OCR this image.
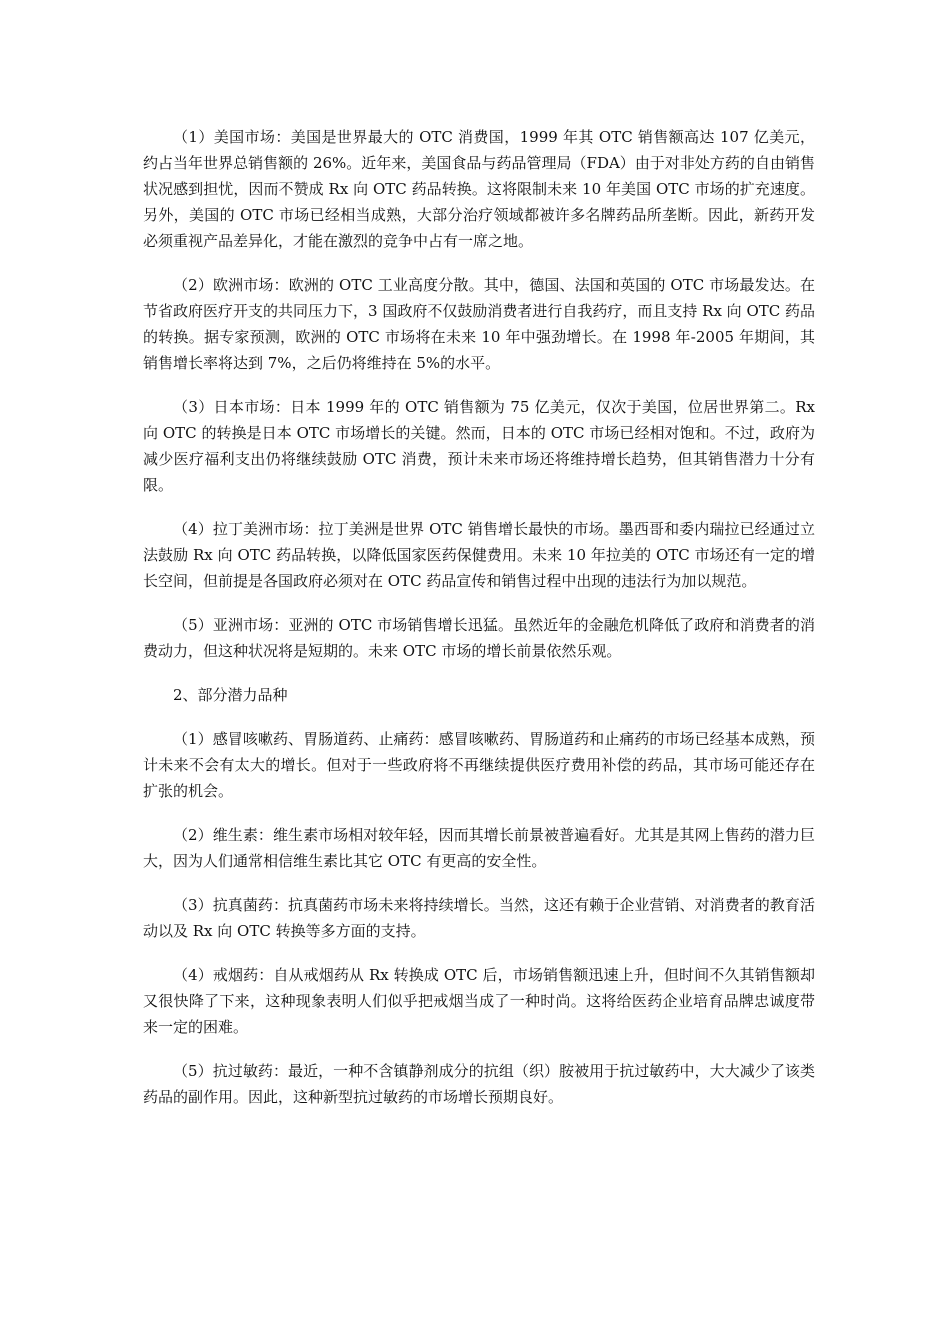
（1）美国市场：美国是世界最大的 OTC 消费国，1999 年其 OTC 销售额高达 107 亿美元，约占当年世界总销售额的 26%。近年来，美国食品与药品管理局（FDA）由于对非处方药的自由销售状况感到担忧，因而不赞成 Rx 向 OTC 药品转换。这将限制未来 10 年美国 OTC 市场的扩充速度。另外，美国的 OTC 市场已经相当成熟，大部分治疗领域都被许多名牌药品所垄断。因此，新药开发必须重视产品差异化，才能在激烈的竞争中占有一席之地。

（2）欧洲市场：欧洲的 OTC 工业高度分散。其中，德国、法国和英国的 OTC 市场最发达。在节省政府医疗开支的共同压力下，3 国政府不仅鼓励消费者进行自我药疗，而且支持 Rx 向 OTC 药品的转换。据专家预测，欧洲的 OTC 市场将在未来 10 年中强劲增长。在 1998 年-2005 年期间，其销售增长率将达到 7%，之后仍将维持在 5%的水平。

（3）日本市场：日本 1999 年的 OTC 销售额为 75 亿美元，仅次于美国，位居世界第二。Rx 向 OTC 的转换是日本 OTC 市场增长的关键。然而，日本的 OTC 市场已经相对饱和。不过，政府为减少医疗福利支出仍将继续鼓励 OTC 消费，预计未来市场还将维持增长趋势，但其销售潜力十分有限。

（4）拉丁美洲市场：拉丁美洲是世界 OTC 销售增长最快的市场。墨西哥和委内瑞拉已经通过立法鼓励 Rx 向 OTC 药品转换，以降低国家医药保健费用。未来 10 年拉美的 OTC 市场还有一定的增长空间，但前提是各国政府必须对在 OTC 药品宣传和销售过程中出现的违法行为加以规范。

（5）亚洲市场：亚洲的 OTC 市场销售增长迅猛。虽然近年的金融危机降低了政府和消费者的消费动力，但这种状况将是短期的。未来 OTC 市场的增长前景依然乐观。

2、部分潜力品种

（1）感冒咳嗽药、胃肠道药、止痛药：感冒咳嗽药、胃肠道药和止痛药的市场已经基本成熟，预计未来不会有太大的增长。但对于一些政府将不再继续提供医疗费用补偿的药品，其市场可能还存在扩张的机会。

（2）维生素：维生素市场相对较年轻，因而其增长前景被普遍看好。尤其是其网上售药的潜力巨大，因为人们通常相信维生素比其它 OTC 有更高的安全性。

（3）抗真菌药：抗真菌药市场未来将持续增长。当然，这还有赖于企业营销、对消费者的教育活动以及 Rx 向 OTC 转换等多方面的支持。

（4）戒烟药：自从戒烟药从 Rx 转换成 OTC 后，市场销售额迅速上升，但时间不久其销售额却又很快降了下来，这种现象表明人们似乎把戒烟当成了一种时尚。这将给医药企业培育品牌忠诚度带来一定的困难。

（5）抗过敏药：最近，一种不含镇静剂成分的抗组（织）胺被用于抗过敏药中，大大减少了该类药品的副作用。因此，这种新型抗过敏药的市场增长预期良好。
